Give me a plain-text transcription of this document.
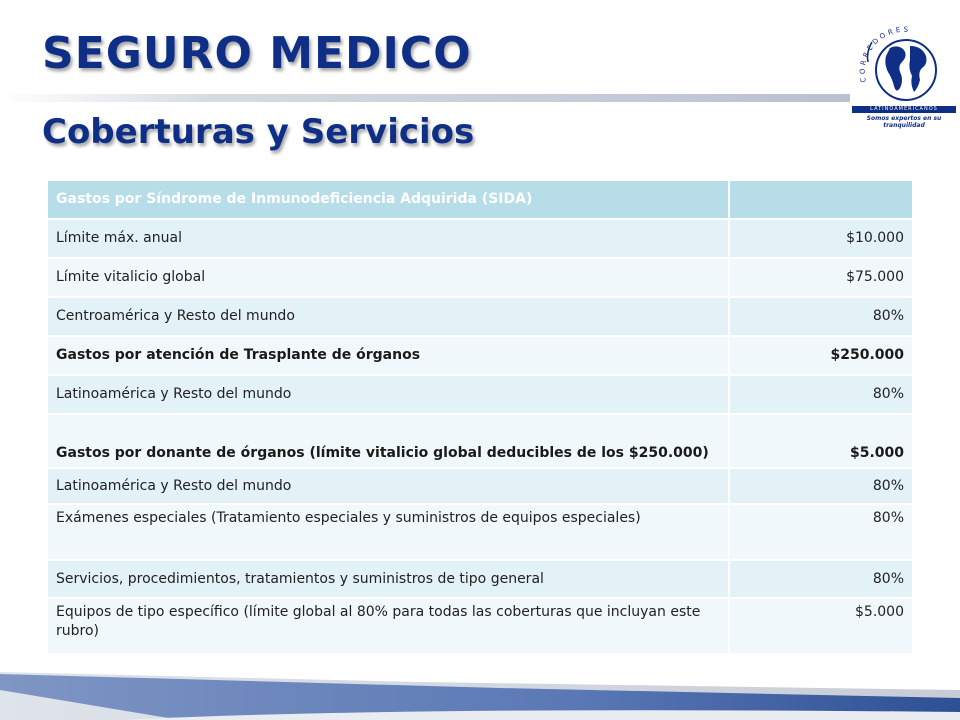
SEGURO MEDICO
Coberturas y Servicios
CORREDORES
LATINOAMERICANOS
Somos expertos en su tranquilidad
Gastos por Síndrome de Inmunodeficiencia Adquirida (SIDA)	
Límite máx. anual	$10.000
Límite vitalicio global	$75.000
Centroamérica y Resto del mundo	80%
Gastos por atención de Trasplante de órganos	$250.000
Latinoamérica y Resto del mundo	80%
Gastos por donante de órganos (límite vitalicio global deducibles de los $250.000)	$5.000
Latinoamérica y Resto del mundo	80%
Exámenes especiales (Tratamiento especiales y suministros de equipos especiales)	80%
Servicios, procedimientos, tratamientos y suministros de tipo general	80%
Equipos de tipo específico (límite global al 80% para todas las coberturas que incluyan este rubro)	$5.000
